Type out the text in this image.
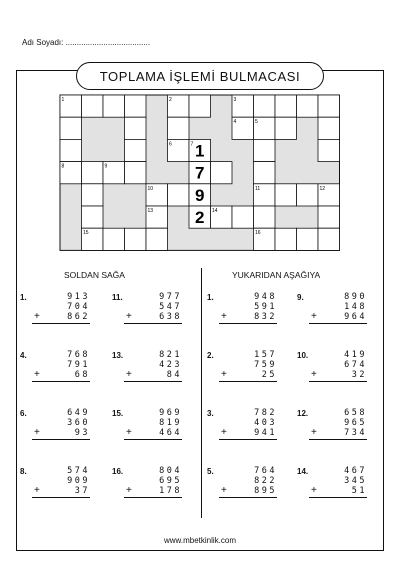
Adı Soyadı: ......................................
TOPLAMA İŞLEMİ BULMACASI
1	2	3
4	5
6	7
8	9
10	11	12
13	14
15	16
1
7
9
2
SOLDAN SAĞA	YUKARIDAN AŞAĞIYA
1.	913
704
862
+
11.	977
547
638
+
1.	948
591
832
+
9.	890
148
964
+
4.	768
791
68
+
13.	821
423
84
+
2.	157
759
25
+
10.	419
674
32
+
6.	649
360
93
+
15.	969
819
464
+
3.	782
403
941
+
12.	658
965
734
+
8.	574
909
37
+
16.	804
695
178
+
5.	764
822
895
+
14.	467
345
51
+
www.mbetkinlik.com
